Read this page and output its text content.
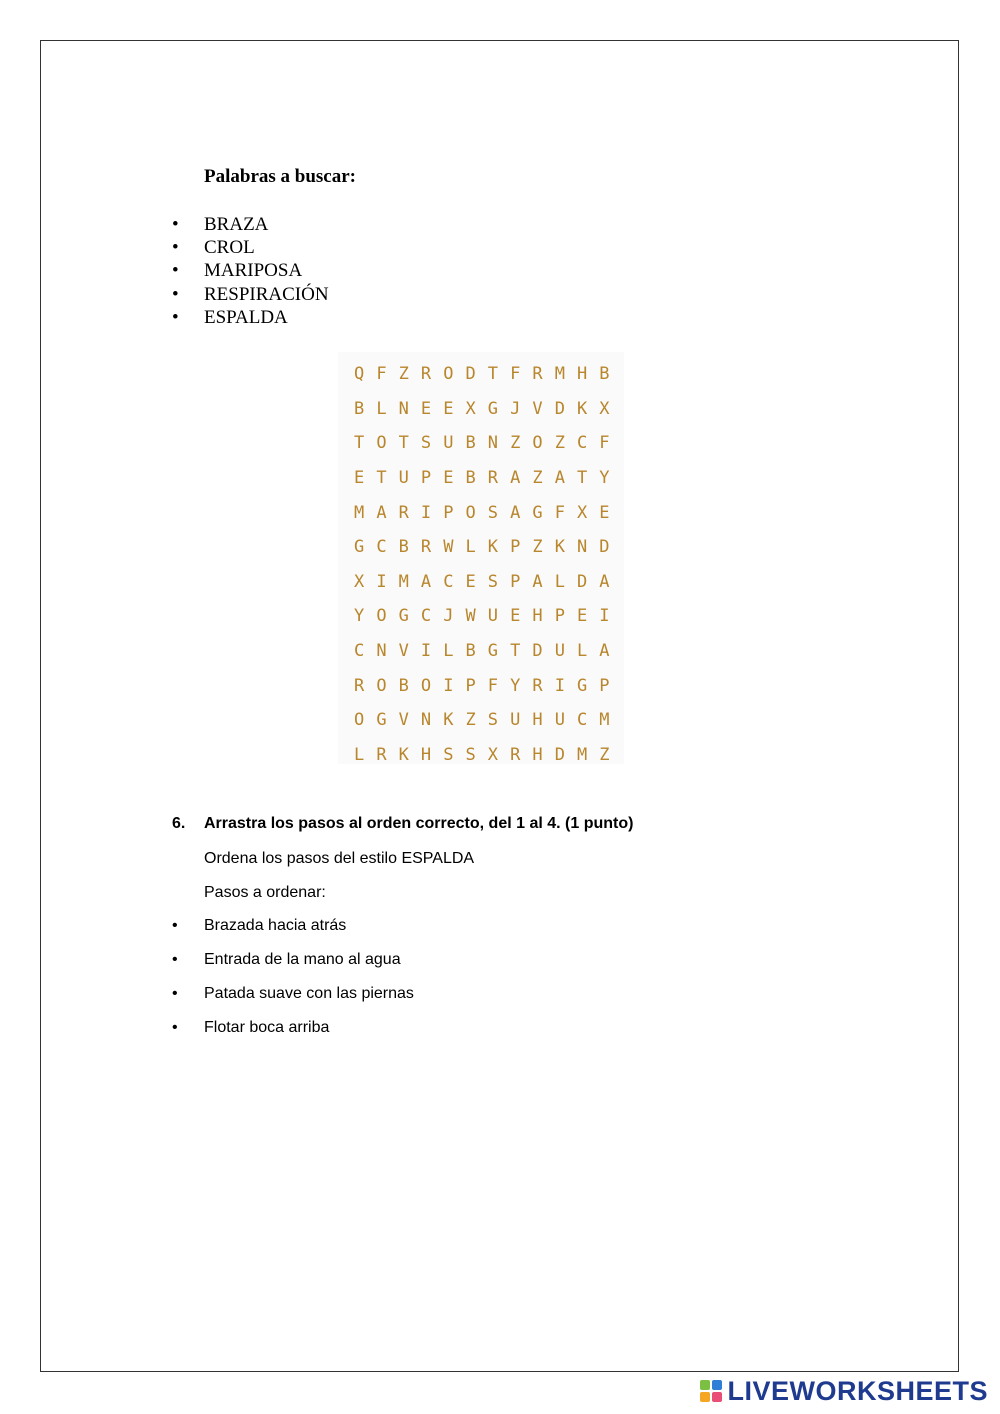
Palabras a buscar:
• BRAZA
• CROL
• MARIPOSA
• RESPIRACIÓN
• ESPALDA
Q F Z R O D T F R M H B
B L N E E X G J V D K X
T O T S U B N Z O Z C F
E T U P E B R A Z A T Y
M A R I P O S A G F X E
G C B R W L K P Z K N D
X I M A C E S P A L D A
Y O G C J W U E H P E I
C N V I L B G T D U L A
R O B O I P F Y R I G P
O G V N K Z S U H U C M
L R K H S S X R H D M Z
6. Arrastra los pasos al orden correcto, del 1 al 4. (1 punto)
Ordena los pasos del estilo ESPALDA
Pasos a ordenar:
• Brazada hacia atrás
• Entrada de la mano al agua
• Patada suave con las piernas
• Flotar boca arriba
LIVEWORKSHEETS
